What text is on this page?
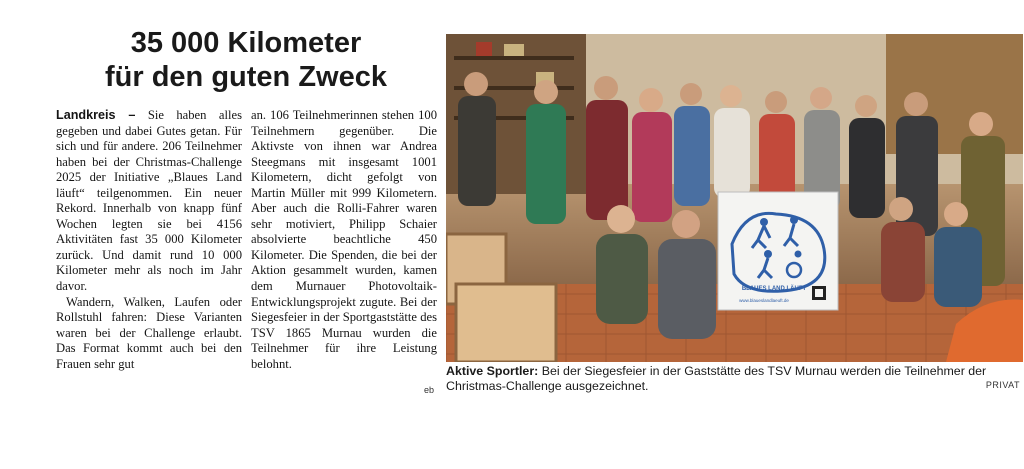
35 000 Kilometer
für den guten Zweck

Landkreis – Sie haben alles gegeben und dabei Gutes getan. Für sich und für andere. 206 Teilnehmer haben bei der Christmas-Challenge 2025 der Initiative „Blaues Land läuft“ teilgenommen. Ein neuer Rekord. Innerhalb von knapp fünf Wochen legten sie bei 4156 Aktivitäten fast 35 000 Kilometer zurück. Und damit rund 10 000 Kilometer mehr als noch im Jahr davor.

Wandern, Walken, Laufen oder Rollstuhl fahren: Diese Varianten waren bei der Challenge erlaubt. Das Format kommt auch bei den Frauen sehr gut

an. 106 Teilnehmerinnen stehen 100 Teilnehmern gegenüber. Die Aktivste von ihnen war Andrea Steegmans mit insgesamt 1001 Kilometern, dicht gefolgt von Martin Müller mit 999 Kilometern. Aber auch die Rolli-Fahrer waren sehr motiviert, Philipp Schaier absolvierte beachtliche 450 Kilometer. Die Spenden, die bei der Aktion gesammelt wurden, kamen dem Murnauer Photovoltaik-Entwicklungsprojekt zugute. Bei der Siegesfeier in der Sportgaststätte des TSV 1865 Murnau wurden die Teilnehmer für ihre Leistung belohnt.

eb
BLAUES LAND LÄUFT
www.blaueslandlaeuft.de
Aktive Sportler: Bei der Siegesfeier in der Gaststätte des TSV Murnau werden die Teilnehmer der Christmas-Challenge ausgezeichnet.	PRIVAT
